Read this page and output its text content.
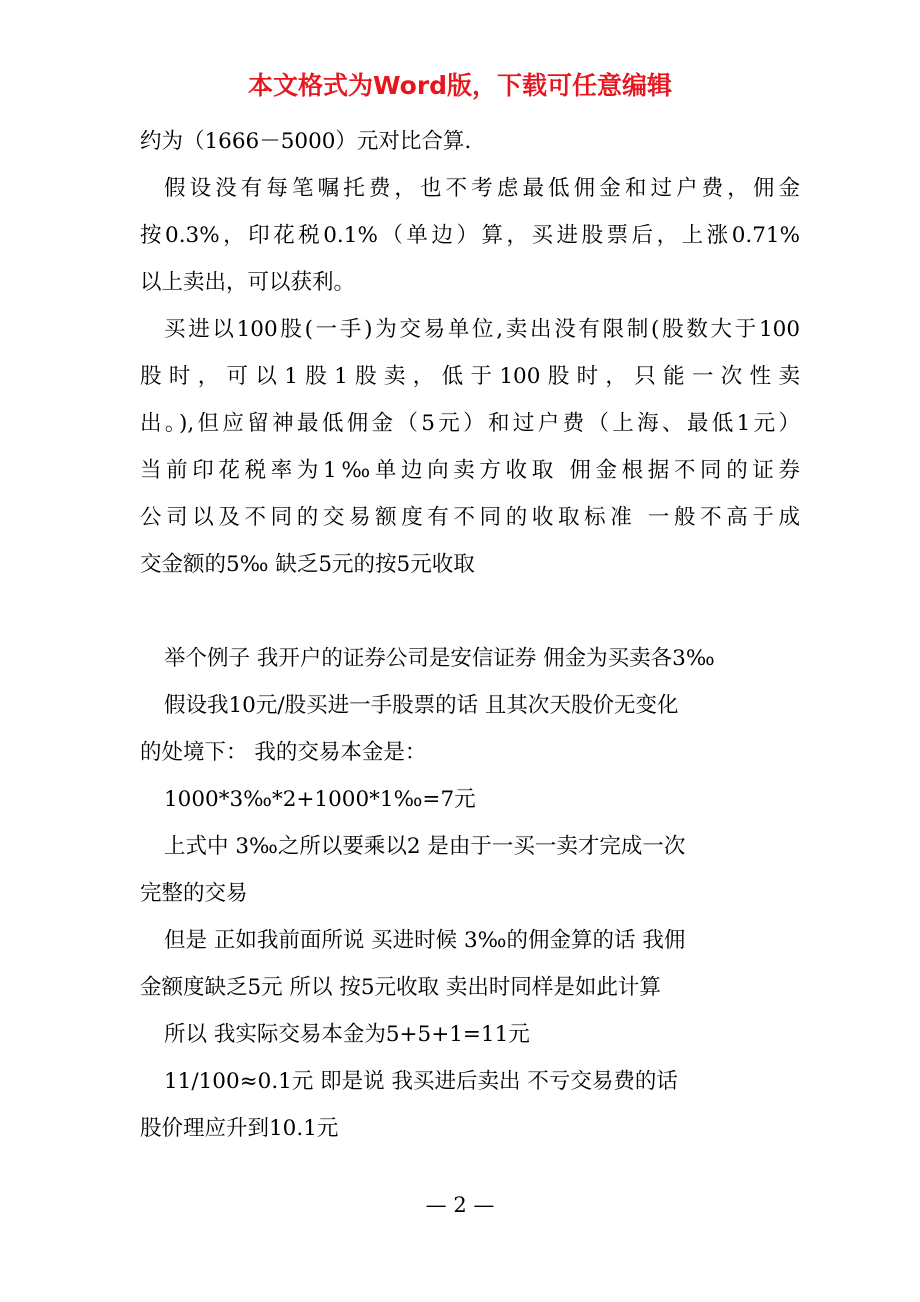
本文格式为Word版，下载可任意编辑
约为（1666－5000）元对比合算.
假设没有每笔嘱托费，也不考虑最低佣金和过户费，佣金
按0.3%，印花税0.1%（单边）算，买进股票后，上涨0.71%
以上卖出，可以获利。
买进以100股(一手)为交易单位,卖出没有限制(股数大于100
股时，可以1股1股卖，低于100股时，只能一次性卖
出。),但应留神最低佣金（5元）和过户费（上海、最低1元）
当前印花税率为1‰单边向卖方收取 佣金根据不同的证券
公司以及不同的交易额度有不同的收取标准 一般不高于成
交金额的5‰ 缺乏5元的按5元收取
举个例子 我开户的证券公司是安信证券 佣金为买卖各3‰
假设我10元/股买进一手股票的话 且其次天股价无变化
的处境下： 我的交易本金是：
1000*3‰*2+1000*1‰=7元
上式中 3‰之所以要乘以2 是由于一买一卖才完成一次
完整的交易
但是 正如我前面所说 买进时候 3‰的佣金算的话 我佣
金额度缺乏5元 所以 按5元收取 卖出时同样是如此计算
所以 我实际交易本金为5+5+1=11元
11/100≈0.1元 即是说 我买进后卖出 不亏交易费的话
股价理应升到10.1元
— 2 —
